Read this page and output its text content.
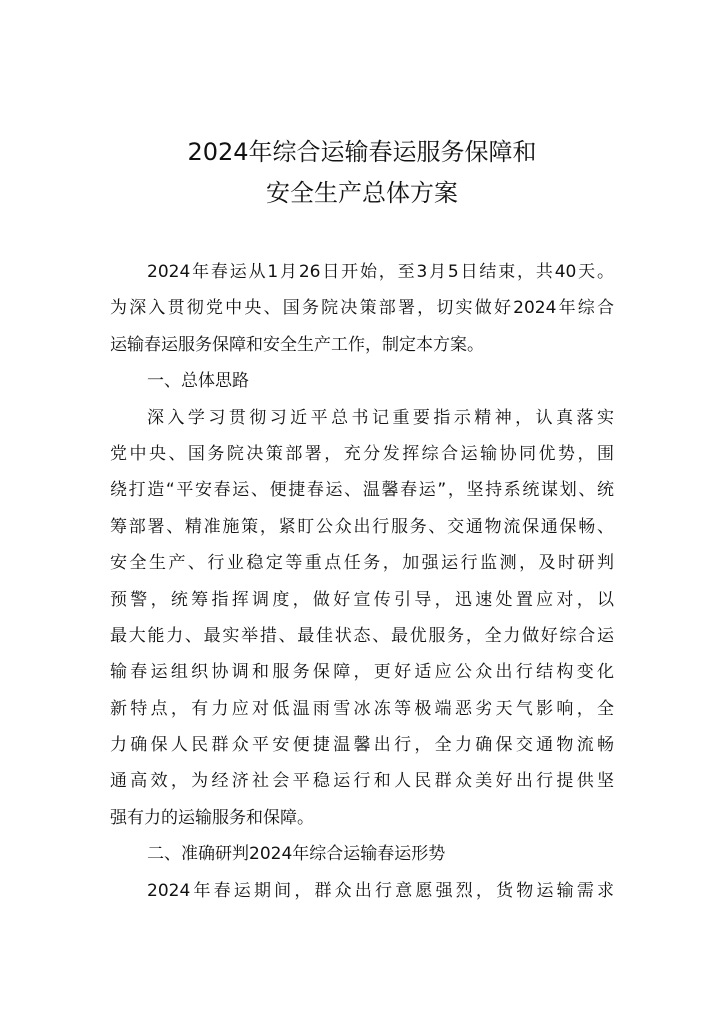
2024年综合运输春运服务保障和
安全生产总体方案
2024年春运从1月26日开始，至3月5日结束，共40天。
为深入贯彻党中央、国务院决策部署，切实做好2024年综合
运输春运服务保障和安全生产工作，制定本方案。
一、总体思路
深入学习贯彻习近平总书记重要指示精神，认真落实
党中央、国务院决策部署，充分发挥综合运输协同优势，围
绕打造“平安春运、便捷春运、温馨春运”，坚持系统谋划、统
筹部署、精准施策，紧盯公众出行服务、交通物流保通保畅、
安全生产、行业稳定等重点任务，加强运行监测，及时研判
预警，统筹指挥调度，做好宣传引导，迅速处置应对，以
最大能力、最实举措、最佳状态、最优服务，全力做好综合运
输春运组织协调和服务保障，更好适应公众出行结构变化
新特点，有力应对低温雨雪冰冻等极端恶劣天气影响，全
力确保人民群众平安便捷温馨出行，全力确保交通物流畅
通高效，为经济社会平稳运行和人民群众美好出行提供坚
强有力的运输服务和保障。
二、准确研判2024年综合运输春运形势
2024年春运期间，群众出行意愿强烈，货物运输需求
